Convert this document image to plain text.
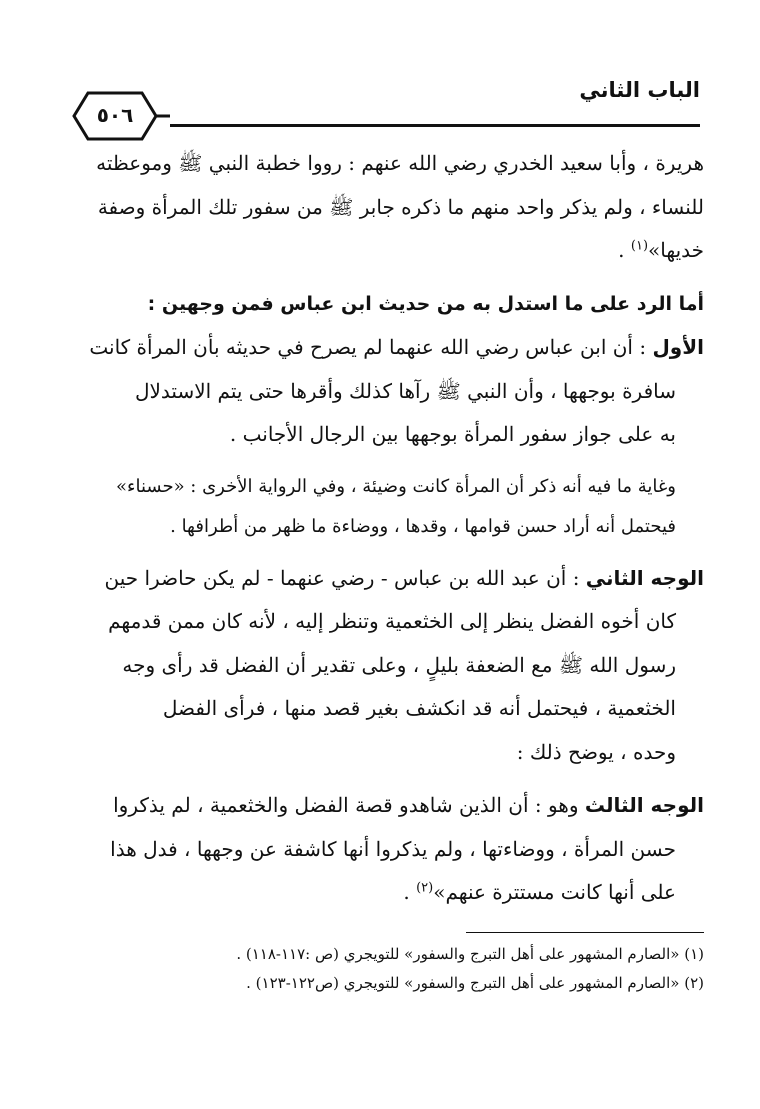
الباب الثاني
٥٠٦

هريرة ، وأبا سعيد الخدري رضي الله عنهم : رووا خطبة النبي ﷺ وموعظته
للنساء ، ولم يذكر واحد منهم ما ذكره جابر ﷺ من سفور تلك المرأة وصفة
خديها»$^{(١)}$ .

أما الرد على ما استدل به من حديث ابن عباس فمن وجهين :

الأول : أن ابن عباس رضي الله عنهما لم يصرح في حديثه بأن المرأة كانت
سافرة بوجهها ، وأن النبي ﷺ رآها كذلك وأقرها حتى يتم الاستدلال
به على جواز سفور المرأة بوجهها بين الرجال الأجانب .

وغاية ما فيه أنه ذكر أن المرأة كانت وضيئة ، وفي الرواية الأخرى : «حسناء»
فيحتمل أنه أراد حسن قوامها ، وقدها ، ووضاءة ما ظهر من أطرافها .

الوجه الثاني : أن عبد الله بن عباس - رضي عنهما - لم يكن حاضرا حين
كان أخوه الفضل ينظر إلى الخثعمية وتنظر إليه ، لأنه كان ممن قدمهم
رسول الله ﷺ مع الضعفة بليلٍ ، وعلى تقدير أن الفضل قد رأى وجه
الخثعمية ، فيحتمل أنه قد انكشف بغير قصد منها ، فرأى الفضل
وحده ، يوضح ذلك :

الوجه الثالث وهو : أن الذين شاهدو قصة الفضل والخثعمية ، لم يذكروا
حسن المرأة ، ووضاءتها ، ولم يذكروا أنها كاشفة عن وجهها ، فدل هذا
على أنها كانت مستترة عنهم»$^{(٢)}$ .

(١) «الصارم المشهور على أهل التبرج والسفور» للتويجري (ص :١١٧-١١٨) .

(٢) «الصارم المشهور على أهل التبرج والسفور» للتويجري (ص١٢٢-١٢٣) .
